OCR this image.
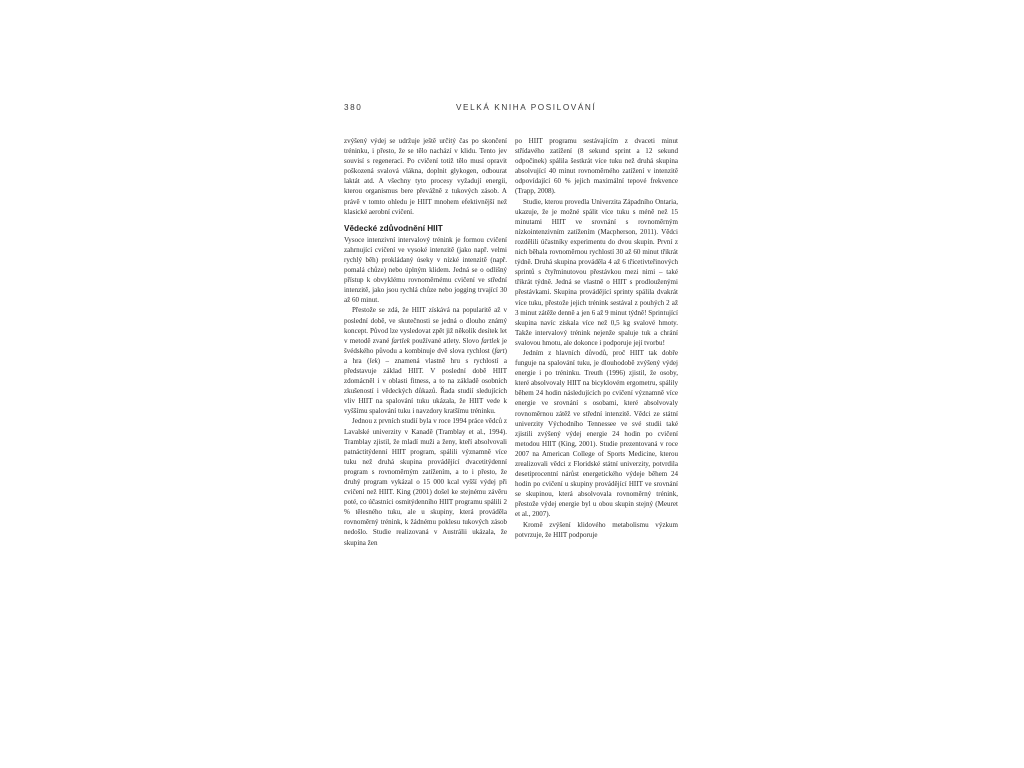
380	VELKÁ KNIHA POSILOVÁNÍ

zvýšený výdej se udržuje ještě určitý čas po skončení tréninku, i přesto, že se tělo nachází v klidu. Tento jev souvisí s regenerací. Po cvičení totiž tělo musí opravit poškozená svalová vlákna, doplnit glykogen, odbourat laktát atd. A všechny tyto procesy vyžadují energii, kterou organismus bere převážně z tukových zásob. A právě v tomto ohledu je HIIT mnohem efektivnější než klasické aerobní cvičení.

Vědecké zdůvodnění HIIT

Vysoce intenzivní intervalový trénink je formou cvičení zahrnující cvičení ve vysoké intenzitě (jako např. velmi rychlý běh) prokládaný úseky v nízké intenzitě (např. pomalá chůze) nebo úplným klidem. Jedná se o odlišný přístup k obvyklému rovnoměrnému cvičení ve střední intenzitě, jako jsou rychlá chůze nebo jogging trvající 30 až 60 minut.

Přestože se zdá, že HIIT získává na popularitě až v poslední době, ve skutečnosti se jedná o dlouho známý koncept. Původ lze vysledovat zpět již několik desítek let v metodě zvané fartlek používané atlety. Slovo fartlek je švédského původu a kombinuje dvě slova rychlost (fart) a hra (lek) – znamená vlastně hru s rychlostí a představuje základ HIIT. V poslední době HIIT zdomácněl i v oblasti fitness, a to na základě osobních zkušeností i vědeckých důkazů. Řada studií sledujících vliv HIIT na spalování tuku ukázala, že HIIT vede k vyššímu spalování tuku i navzdory kratšímu tréninku.

Jednou z prvních studií byla v roce 1994 práce vědců z Lavalské univerzity v Kanadě (Tramblay et al., 1994). Tramblay zjistil, že mladí muži a ženy, kteří absolvovali patnáctitýdenní HIIT program, spálili významně více tuku než druhá skupina provádějící dvacetitýdenní program s rovnoměrným zatížením, a to i přesto, že druhý program vykázal o 15 000 kcal vyšší výdej při cvičení než HIIT. King (2001) došel ke stejnému závěru poté, co účastníci osmitýdenního HIIT programu spálili 2 % tělesného tuku, ale u skupiny, která prováděla rovnoměrný trénink, k žádnému poklesu tukových zásob nedošlo. Studie realizovaná v Austrálii ukázala, že skupina žen

po HIIT programu sestávajícím z dvaceti minut střídavého zatížení (8 sekund sprint a 12 sekund odpočinek) spálila šestkrát více tuku než druhá skupina absolvující 40 minut rovnoměrného zatížení v intenzitě odpovídající 60 % jejich maximální tepové frekvence (Trapp, 2008).

Studie, kterou provedla Univerzita Západního Ontaria, ukazuje, že je možné spálit více tuku s méně než 15 minutami HIIT ve srovnání s rovnoměrným nízkointenzivním zatížením (Macpherson, 2011). Vědci rozdělili účastníky experimentu do dvou skupin. První z nich běhala rovnoměrnou rychlostí 30 až 60 minut třikrát týdně. Druhá skupina prováděla 4 až 6 třicetivteřinových sprintů s čtyřminutovou přestávkou mezi nimi – také třikrát týdně. Jedná se vlastně o HIIT s prodlouženými přestávkami. Skupina provádějící sprinty spálila dvakrát více tuku, přestože jejich trénink sestával z pouhých 2 až 3 minut zátěže denně a jen 6 až 9 minut týdně! Sprintující skupina navíc získala více než 0,5 kg svalové hmoty. Takže intervalový trénink nejenže spaluje tuk a chrání svalovou hmotu, ale dokonce i podporuje její tvorbu!

Jedním z hlavních důvodů, proč HIIT tak dobře funguje na spalování tuku, je dlouhodobě zvýšený výdej energie i po tréninku. Treuth (1996) zjistil, že osoby, které absolvovaly HIIT na bicyklovém ergometru, spálily během 24 hodin následujících po cvičení významně více energie ve srovnání s osobami, které absolvovaly rovnoměrnou zátěž ve střední intenzitě. Vědci ze státní univerzity Východního Tennessee ve své studii také zjistili zvýšený výdej energie 24 hodin po cvičení metodou HIIT (King, 2001). Studie prezentovaná v roce 2007 na American College of Sports Medicine, kterou zrealizovali vědci z Floridské státní univerzity, potvrdila desetiprocentní nárůst energetického výdeje během 24 hodin po cvičení u skupiny provádějící HIIT ve srovnání se skupinou, která absolvovala rovnoměrný trénink, přestože výdej energie byl u obou skupin stejný (Meuret et al., 2007).

Kromě zvýšení klidového metabolismu výzkum potvrzuje, že HIIT podporuje
